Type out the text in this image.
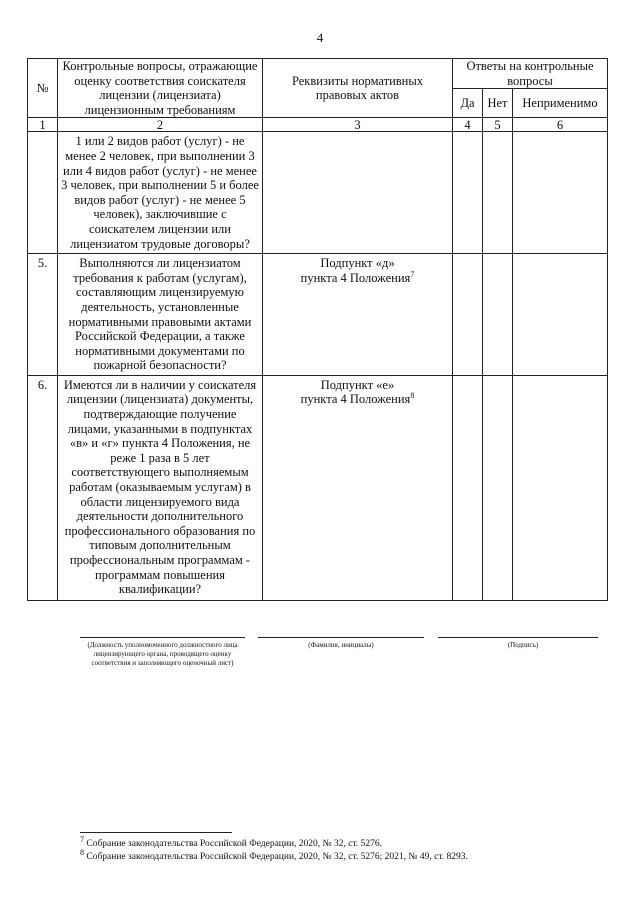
4
№	Контрольные вопросы, отражающие оценку соответствия соискателя лицензии (лицензиата) лицензионным требованиям	Реквизиты нормативных правовых актов	Ответы на контрольные вопросы		
			Да	Нет	Неприменимо
1	2	3	4	5	6
	1 или 2 видов работ (услуг) - не менее 2 человек, при выполнении 3 или 4 видов работ (услуг) - не менее 3 человек, при выполнении 5 и более видов работ (услуг) - не менее 5 человек), заключившие с соискателем лицензии или лицензиатом трудовые договоры?	

5.	Выполняются ли лицензиатом требования к работам (услугам), составляющим лицензируемую деятельность, установленные нормативными правовыми актами Российской Федерации, а также нормативными документами по пожарной безопасности?	Подпункт «д»
пункта 4 Положения$^7$

6.	Имеются ли в наличии у соискателя лицензии (лицензиата) документы, подтверждающие получение лицами, указанными в подпунктах «в» и «г» пункта 4 Положения, не реже 1 раза в 5 лет соответствующего выполняемым работам (оказываемым услугам) в области лицензируемого вида деятельности дополнительного профессионального образования по типовым дополнительным профессиональным программам - программам повышения квалификации?	Подпункт «е»
пункта 4 Положения$^8$

(Должность уполномоченного должностного лица лицензирующего органа, проводящего оценку соответствия и заполняющего оценочный лист)
(Фамилия, инициалы)	(Подпись)
$^7$ Собрание законодательства Российской Федерации, 2020, № 32, ст. 5276.
$^8$ Собрание законодательства Российской Федерации, 2020, № 32, ст. 5276; 2021, № 49, ст. 8293.
